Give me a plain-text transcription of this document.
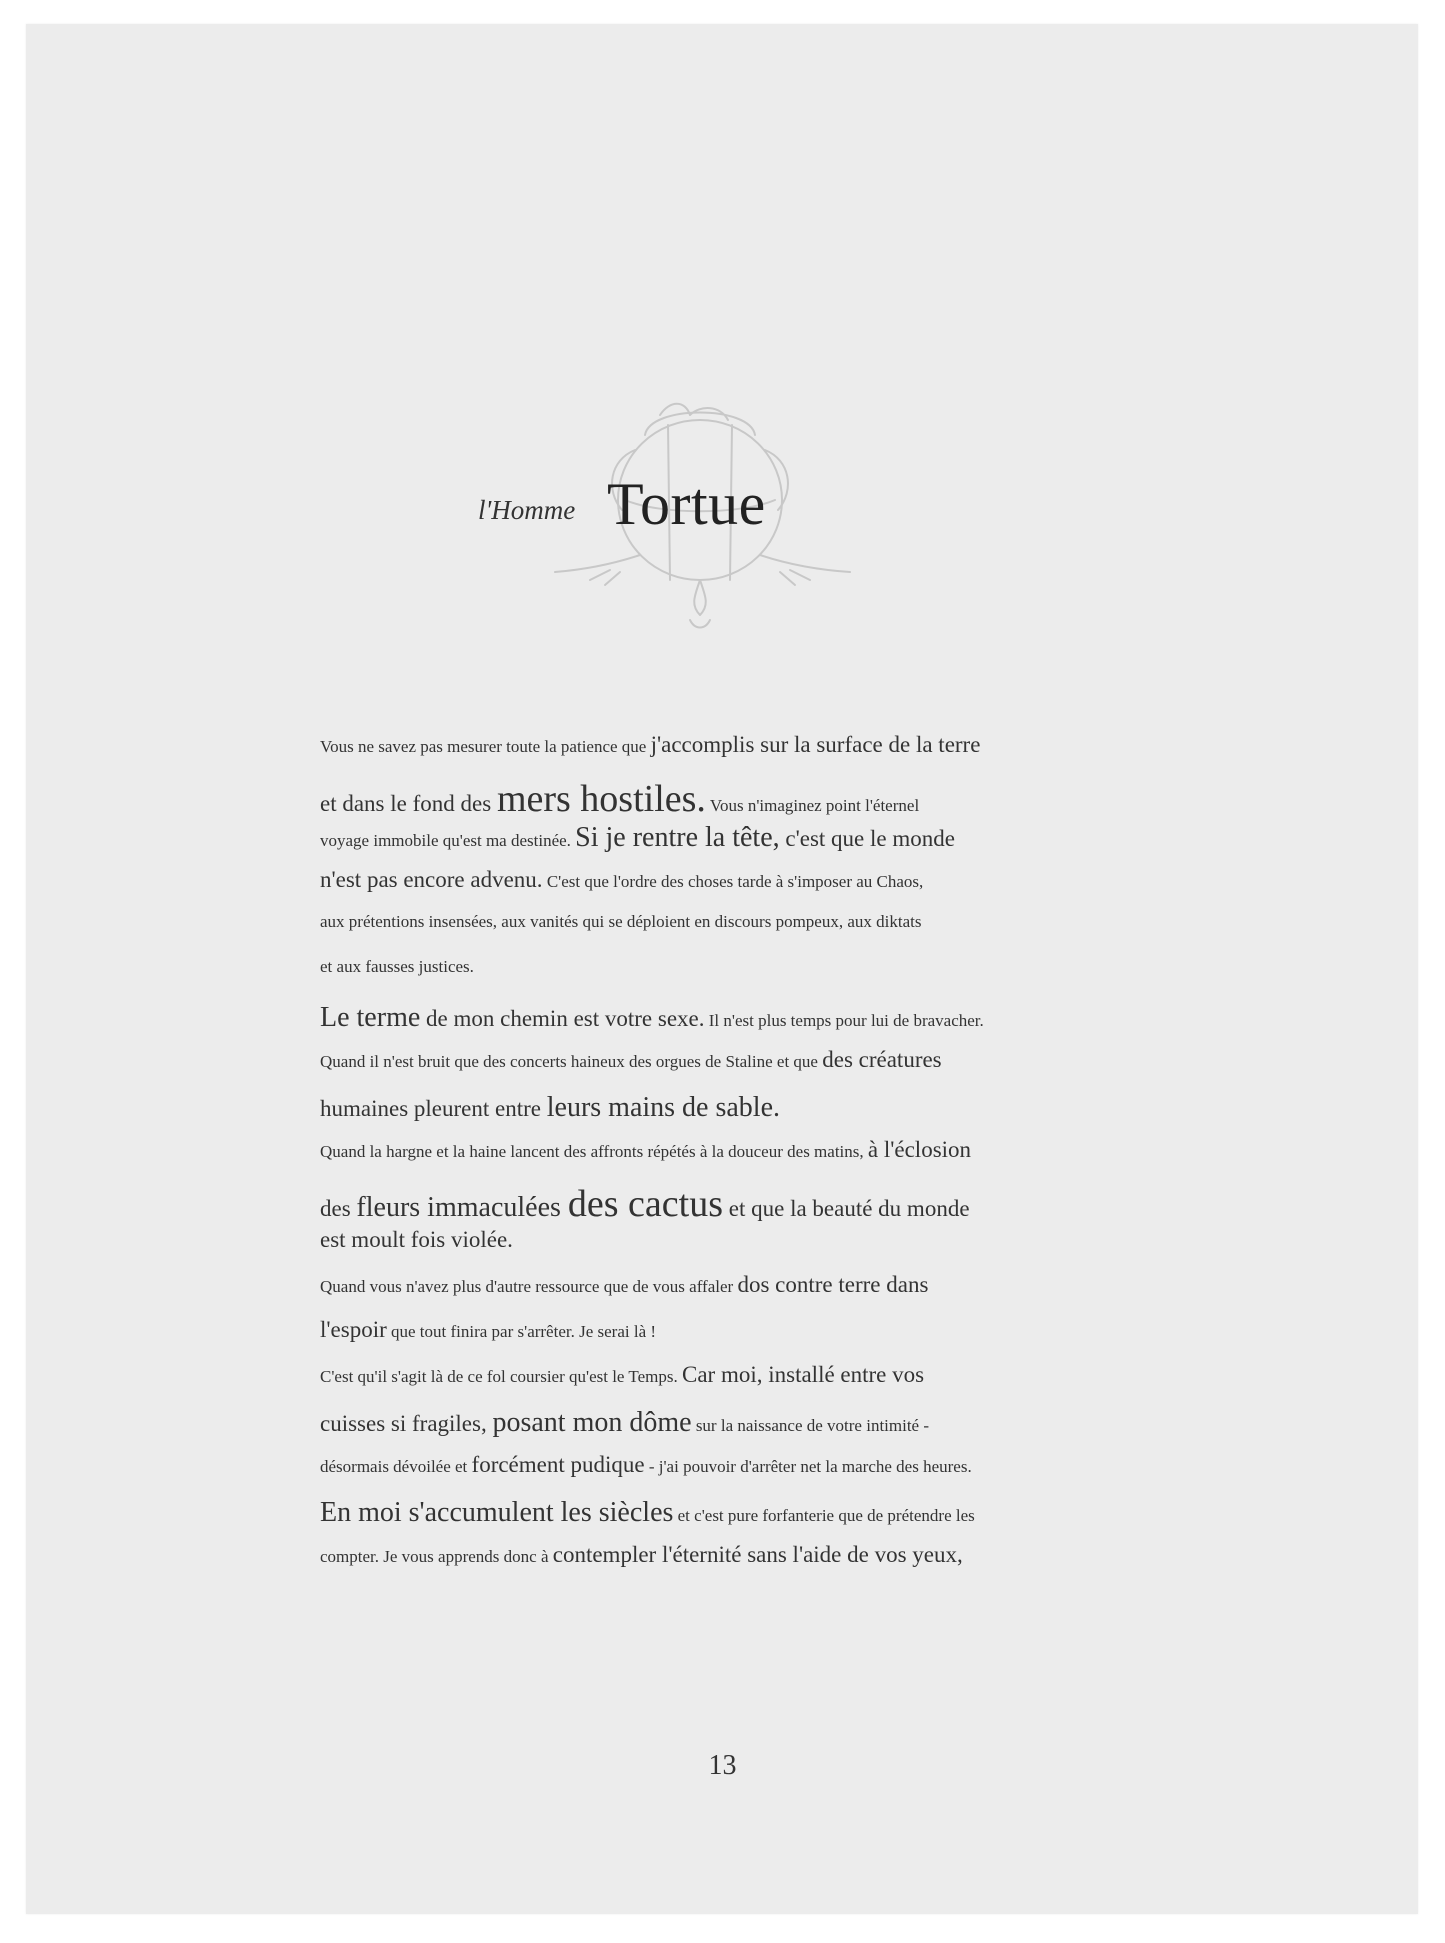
l'Homme Tortue
Vous ne savez pas mesurer toute la patience que j'accomplis sur la surface de la terre
et dans le fond des mers hostiles. Vous n'imaginez point l'éternel
voyage immobile qu'est ma destinée. Si je rentre la tête, c'est que le monde
n'est pas encore advenu. C'est que l'ordre des choses tarde à s'imposer au Chaos,
aux prétentions insensées, aux vanités qui se déploient en discours pompeux, aux diktats
et aux fausses justices.
Le terme de mon chemin est votre sexe. Il n'est plus temps pour lui de bravacher.
Quand il n'est bruit que des concerts haineux des orgues de Staline et que des créatures
humaines pleurent entre leurs mains de sable.
Quand la hargne et la haine lancent des affronts répétés à la douceur des matins, à l'éclosion
des fleurs immaculées des cactus et que la beauté du monde
est moult fois violée.
Quand vous n'avez plus d'autre ressource que de vous affaler dos contre terre dans
l'espoir que tout finira par s'arrêter. Je serai là !
C'est qu'il s'agit là de ce fol coursier qu'est le Temps. Car moi, installé entre vos
cuisses si fragiles, posant mon dôme sur la naissance de votre intimité -
désormais dévoilée et forcément pudique - j'ai pouvoir d'arrêter net la marche des heures.
En moi s'accumulent les siècles et c'est pure forfanterie que de prétendre les
compter. Je vous apprends donc à contempler l'éternité sans l'aide de vos yeux,
13
